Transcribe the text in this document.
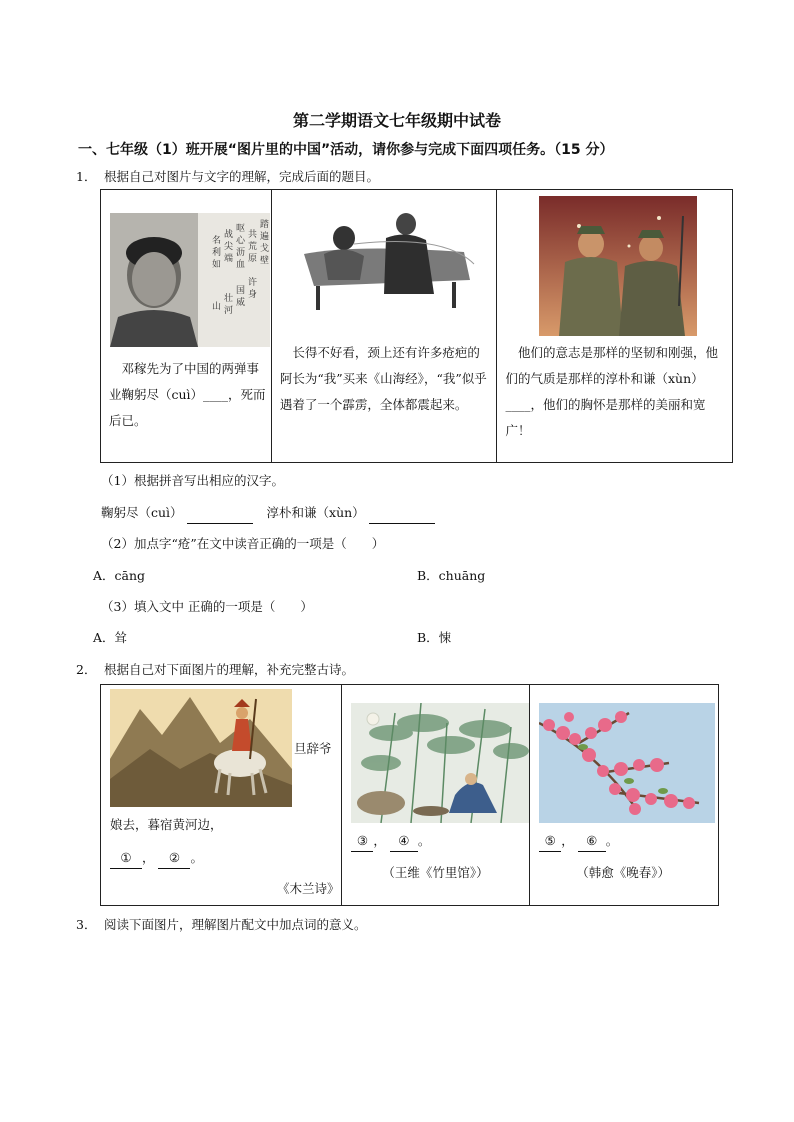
第二学期语文七年级期中试卷
一、七年级（1）班开展“图片里的中国”活动，请你参与完成下面四项任务。（15 分）
1． 根据自己对图片与文字的理解，完成后面的题目。
踏
遍
戈
壁
共
荒
原
呕
心
沥
血
战
尖
端
名
利
如
许
身
国
威
壮
河
山
邓稼先为了中国的两弹事业鞠躬尽（cuì）____，死而后已。

长得不好看，颈上还有许多疮疤的阿长为“我”买来《山海经》，“我”似乎遇着了一个霹雳，全体都震起来。

他们的意志是那样的坚韧和刚强，他们的气质是那样的淳朴和谦（xùn）____，他们的胸怀是那样的美丽和宽广！
（1）根据拼音写出相应的汉字。
鞠躬尽（cuì）	淳朴和谦（xùn）
（2）加点字“疮”在文中读音正确的一项是（　　）
A．cāng	B．chuāng
（3）填入文中 正确的一项是（　　）
A．耸	B．悚
2． 根据自己对下面图片的理解，补充完整古诗。
旦辞爷
娘去，暮宿黄河边，
① ， ② 。
《木兰诗》

③ ， ④ 。
（王维《竹里馆》）

⑤ ， ⑥ 。
（韩愈《晚春》）
3． 阅读下面图片，理解图片配文中加点词的意义。
